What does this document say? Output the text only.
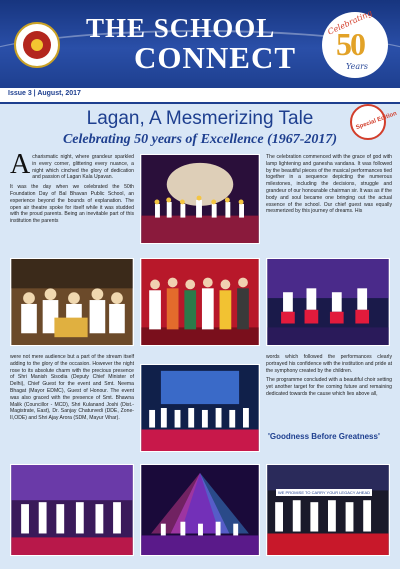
THE SCHOOL
CONNECT
Celebrating
50
Years
Issue 3 | August, 2017
Lagan, A Mesmerizing Tale
Celebrating 50 years of Excellence (1967-2017)
Special Edition
Acharismatic night, where grandeur sparkled in every corner, glittering every nuance, a night which cinched the glory of dedication and passion of Lagan Kala Upavan.
It was the day when we celebrated the 50th Foundation Day of Bal Bhavan Public School, an experience beyond the bounds of explanation. The open air theatre spoke for itself while it was studded with the proud parents. Being an inevitable part of this institution the parents
The celebration commenced with the grace of god with lamp lightening and ganesha vandana. It was followed by the beautiful pieces of the musical performances tied together in a sequence depicting the numerous milestones, including the decisions, struggle and grandeur of our honourable chairman sir. It was as if the body and soul became one bringing out the actual essence of the school. Our chief guest was equally mesmerized by this journey of dreams. His
were not mere audience but a part of the stream itself adding to the glory of the occasion. However the night rose to its absolute charm with the precious presence of Shri Manish Sisodia (Deputy Chief Minister of Delhi), Chief Guest for the event and Smt. Neema Bhagat (Mayor EDMC), Guest of Honour. The event was also graced with the presence of Smt. Bhawna Malik (Councillor - MCD), Shri Kulanand Joshi (Dist.-Magistrate, East), Dr. Sanjay Chaturvedi (DDE, Zone-II,ODE) and Shri Ajay Arora (SDM, Mayur Vihar).
words which followed the performances clearly portrayed his confidence with the institution and pride at the symphony created by the children.
The programme concluded with a beautiful choir setting yet another target for the coming future and remaining dedicated towards the cause which lies above all,
'Goodness Before Greatness'
WE PROMISE TO CARRY YOUR LEGACY AHEAD
